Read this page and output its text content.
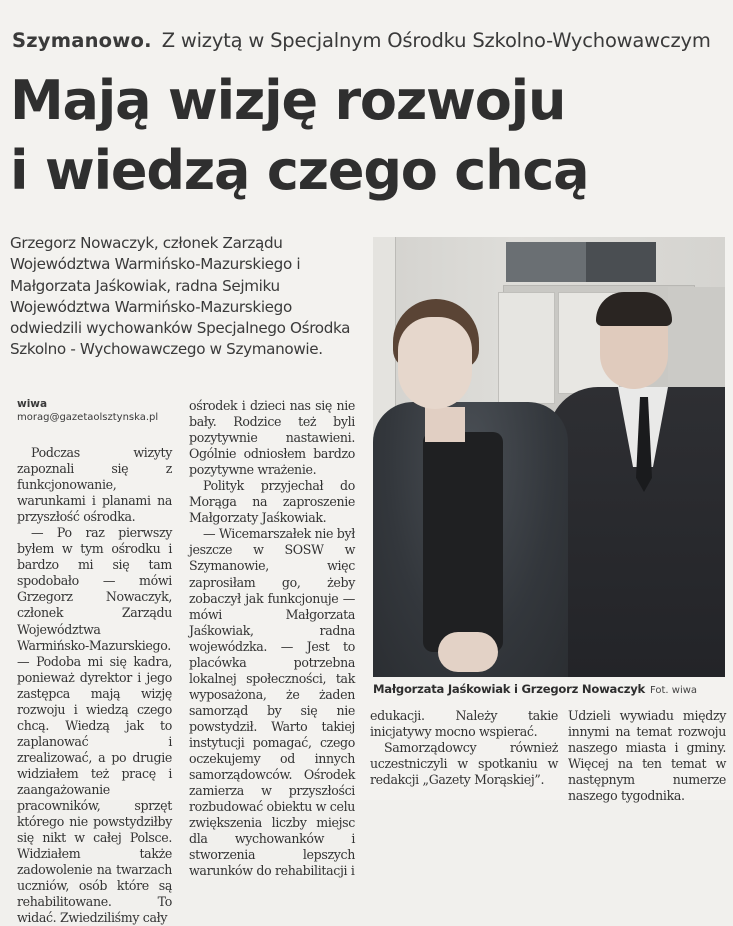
Szymanowo. Z wizytą w Specjalnym Ośrodku Szkolno-Wychowawczym
Mają wizję rozwoju
i wiedzą czego chcą

Grzegorz Nowaczyk, członek Zarządu Województwa Warmińsko-Mazurskiego i Małgorzata Jaśkowiak, radna Sejmiku Województwa Warmińsko-Mazurskiego odwiedzili wychowanków Specjalnego Ośrodka Szkolno - Wychowawczego w Szymanowie.

Małgorzata Jaśkowiak i Grzegorz Nowaczyk Fot. wiwa
wiwa
morag@gazetaolsztynska.pl

Podczas wizyty zapoznali się z funkcjonowanie, warunkami i planami na przyszłość ośrodka.

— Po raz pierwszy byłem w tym ośrodku i bardzo mi się tam spodobało — mówi Grzegorz Nowaczyk, członek Zarządu Województwa Warmińsko-Mazurskiego. — Podoba mi się kadra, ponieważ dyrektor i jego zastępca mają wizję rozwoju i wiedzą czego chcą. Wiedzą jak to zaplanować i zrealizować, a po drugie widziałem też pracę i zaangażowanie pracowników, sprzęt którego nie powstydziłby się nikt w całej Polsce. Widziałem także zadowolenie na twarzach uczniów, osób które są rehabilitowane. To widać. Zwiedziliśmy cały

ośrodek i dzieci nas się nie bały. Rodzice też byli pozytywnie nastawieni. Ogólnie odniosłem bardzo pozytywne wrażenie.

Polityk przyjechał do Morąga na zaproszenie Małgorzaty Jaśkowiak.

— Wicemarszałek nie był jeszcze w SOSW w Szymanowie, więc zaprosiłam go, żeby zobaczył jak funkcjonuje — mówi Małgorzata Jaśkowiak, radna wojewódzka. — Jest to placówka potrzebna lokalnej społeczności, tak wyposażona, że żaden samorząd by się nie powstydził. Warto takiej instytucji pomagać, czego oczekujemy od innych samorządowców. Ośrodek zamierza w przyszłości rozbudować obiektu w celu zwiększenia liczby miejsc dla wychowanków i stworzenia lepszych warunków do rehabilitacji i

edukacji. Należy takie inicjatywy mocno wspierać.

Samorządowcy również uczestniczyli w spotkaniu w redakcji „Gazety Morąskiej”.

Udzieli wywiadu między innymi na temat rozwoju naszego miasta i gminy. Więcej na ten temat w następnym numerze naszego tygodnika.
